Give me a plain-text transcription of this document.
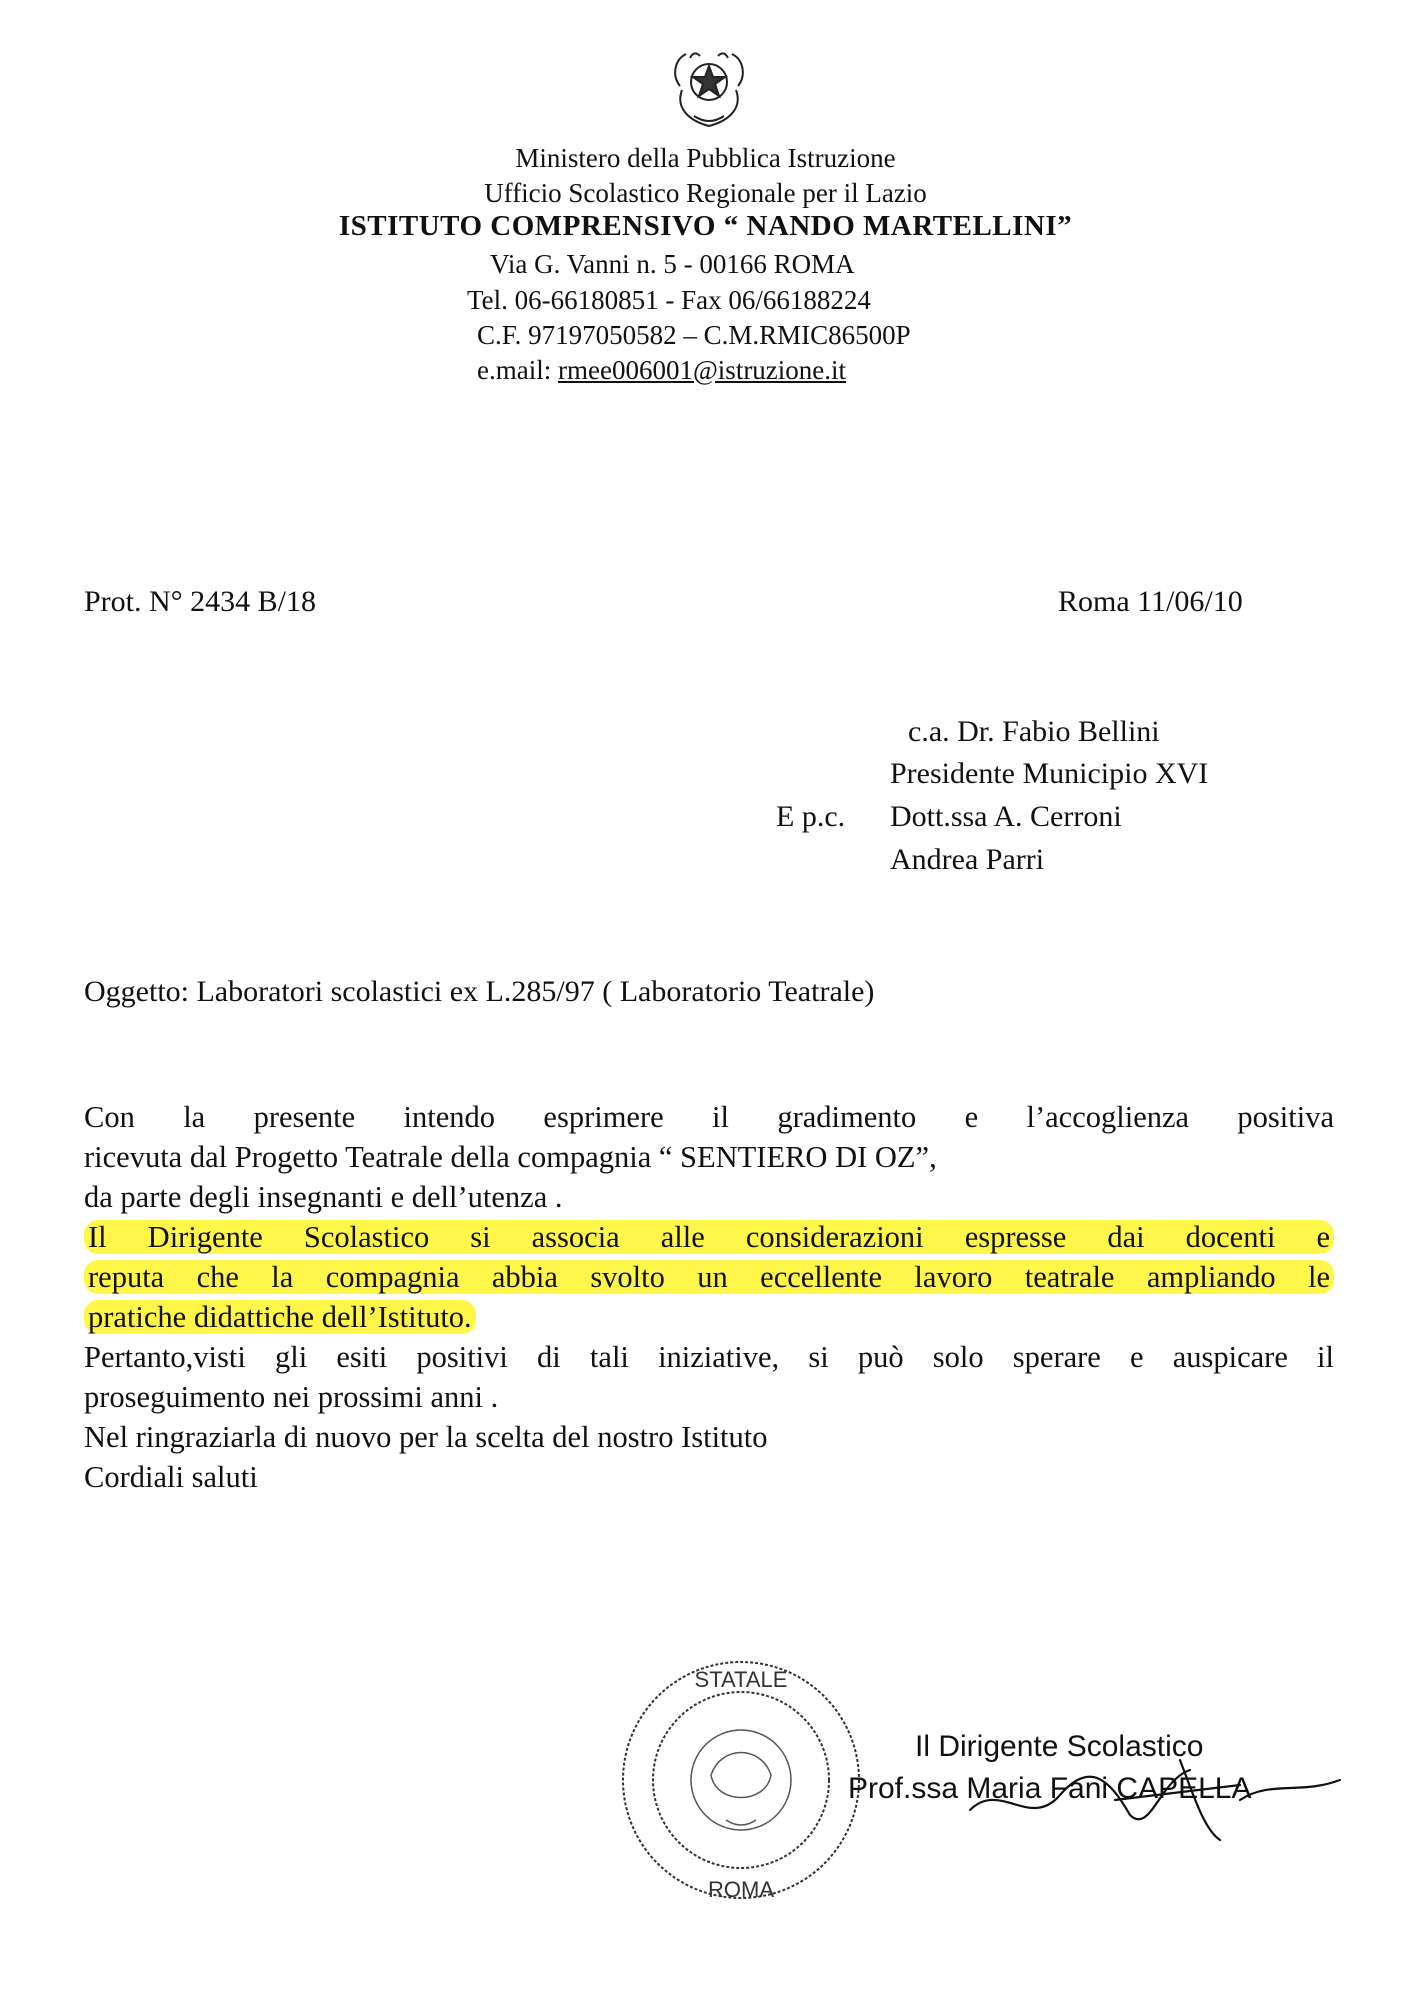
Ministero della Pubblica Istruzione
Ufficio Scolastico Regionale per il Lazio
ISTITUTO COMPRENSIVO “ NANDO MARTELLINI”
Via G. Vanni n. 5 - 00166 ROMA
Tel. 06-66180851 - Fax 06/66188224
C.F. 97197050582 – C.M.RMIC86500P
e.mail: rmee006001@istruzione.it
Prot. N° 2434 B/18	Roma 11/06/10
c.a. Dr. Fabio Bellini
Presidente Municipio XVI
E p.c. Dott.ssa A. Cerroni
Andrea Parri
Oggetto: Laboratori scolastici ex L.285/97 ( Laboratorio Teatrale)
Con la presente intendo esprimere il gradimento e l’accoglienza positiva
ricevuta dal Progetto Teatrale della compagnia “ SENTIERO DI OZ”,
da parte degli insegnanti e dell’utenza .
Il Dirigente Scolastico si associa alle considerazioni espresse dai docenti e
reputa che la compagnia abbia svolto un eccellente lavoro teatrale ampliando le
pratiche didattiche dell’Istituto.
Pertanto,visti gli esiti positivi di tali iniziative, si può solo sperare e auspicare il
proseguimento nei prossimi anni .
Nel ringraziarla di nuovo per la scelta del nostro Istituto
Cordiali saluti
STATALE
ROMA
Il Dirigente Scolastico
Prof.ssa Maria Fani CAPELLA
